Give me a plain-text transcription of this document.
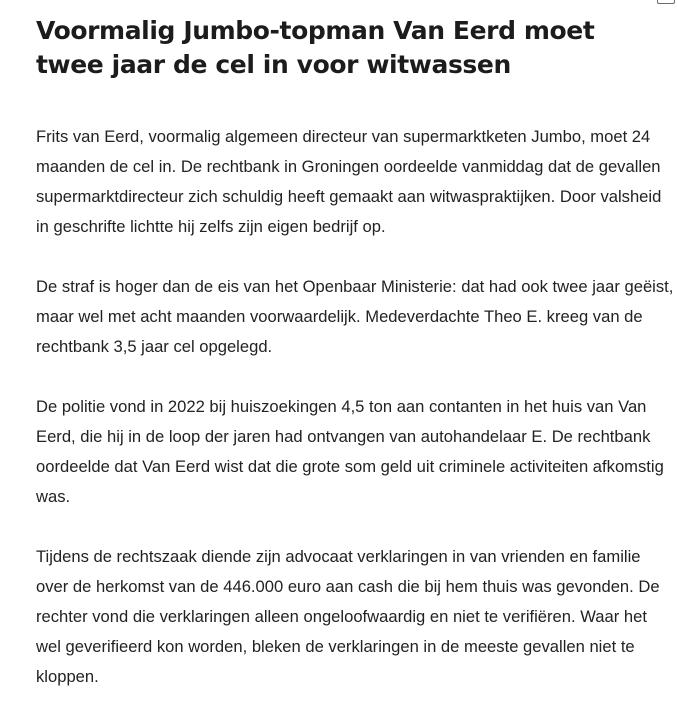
Voormalig Jumbo-topman Van Eerd moet twee jaar de cel in voor witwassen

Frits van Eerd, voormalig algemeen directeur van supermarktketen Jumbo, moet 24 maanden de cel in. De rechtbank in Groningen oordeelde vanmiddag dat de gevallen supermarktdirecteur zich schuldig heeft gemaakt aan witwaspraktijken. Door valsheid in geschrifte lichtte hij zelfs zijn eigen bedrijf op.

De straf is hoger dan de eis van het Openbaar Ministerie: dat had ook twee jaar geëist, maar wel met acht maanden voorwaardelijk. Medeverdachte Theo E. kreeg van de rechtbank 3,5 jaar cel opgelegd.

De politie vond in 2022 bij huiszoekingen 4,5 ton aan contanten in het huis van Van Eerd, die hij in de loop der jaren had ontvangen van autohandelaar E. De rechtbank oordeelde dat Van Eerd wist dat die grote som geld uit criminele activiteiten afkomstig was.

Tijdens de rechtszaak diende zijn advocaat verklaringen in van vrienden en familie over de herkomst van de 446.000 euro aan cash die bij hem thuis was gevonden. De rechter vond die verklaringen alleen ongeloofwaardig en niet te verifiëren. Waar het wel geverifieerd kon worden, bleken de verklaringen in de meeste gevallen niet te kloppen.
